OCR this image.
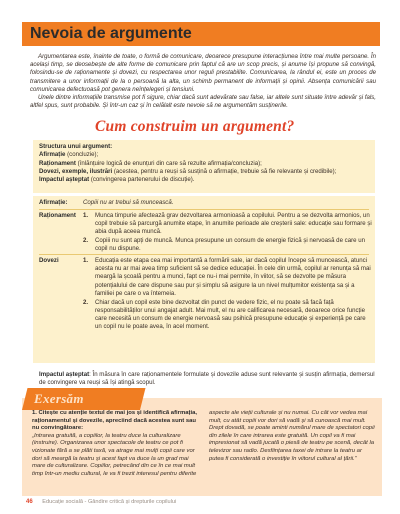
Nevoia de argumente

Argumentarea este, înainte de toate, o formă de comunicare, deoarece presupune interacțiunea între mai multe persoane. În același timp, se deosebește de alte forme de comunicare prin faptul că are un scop precis, și anume își propune să convingă, folosindu-se de raționamente și dovezi, cu respectarea unor reguli prestabilite. Comunicarea, la rândul ei, este un proces de transmitere a unor informații de la o persoană la alta, un schimb permanent de informații și opinii. Absența comunicării sau comunicarea defectuoasă pot genera neînțelegeri și tensiuni.

Unele dintre informațiile transmise pot fi sigure, chiar dacă sunt adevărate sau false, iar altele sunt situate între adevăr și fals, altfel spus, sunt probabile. Și într-un caz și în celălalt este nevoie să ne argumentăm susținerile.

Cum construim un argument?
Structura unui argument:
Afirmație (concluzie);
Raționament (înlănțuire logică de enunțuri din care să rezulte afirmația/concluzia);
Dovezi, exemple, ilustrări (acestea, pentru a reuși să susțină o afirmație, trebuie să fie relevante și credibile);
Impactul așteptat (convingerea partenerului de discuție).
Afirmație:	Copiii nu ar trebui să muncească.
Raționament	1. Munca timpurie afectează grav dezvoltarea armonioasă a copilului. Pentru a se dezvolta armonios, un copil trebuie să parcurgă anumite etape, în anumite perioade ale creșterii sale: educație sau formare și abia după aceea muncă.
2. Copiii nu sunt apți de muncă. Munca presupune un consum de energie fizică și nervoasă de care un copil nu dispune.
Dovezi	1. Educația este etapa cea mai importantă a formării sale, iar dacă copilul începe să muncească, atunci acesta nu ar mai avea timp suficient să se dedice educației. În cele din urmă, copilul ar renunța să mai meargă la școală pentru a munci, fapt ce nu-i mai permite, în viitor, să se dezvolte pe măsura potențialului de care dispune sau pur și simplu să asigure la un nivel mulțumitor existența sa și a familiei pe care o va întemeia.
2. Chiar dacă un copil este bine dezvoltat din punct de vedere fizic, el nu poate să facă față responsabilităților unui angajat adult. Mai mult, el nu are calificarea necesară, deoarece orice funcție care necesită un consum de energie nervoasă sau psihică presupune educație și experiență pe care un copil nu le poate avea, în acel moment.
Impactul așteptat: În măsura în care raționamentele formulate și dovezile aduse sunt relevante și susțin afirmația, demersul de convingere va reuși să își atingă scopul.
Exersăm
1. Citește cu atenție textul de mai jos și identifică afirmația, raționamentul și dovezile, apreciind dacă acestea sunt sau nu convingătoare:
„Intrarea gratuită, a copiilor, la teatru duce la culturalizare (instruire). Organizarea unor spectacole de teatru ce pot fi vizionate fără a se plăti taxă, va atrage mai mulți copii care vor dori să meargă la teatru și acest fapt va duce la un grad mai mare de culturalizare. Copiilor, petrecând din ce în ce mai mult timp într-un mediu cultural, le va fi trezit interesul pentru diferite
aspecte ale vieții culturale și nu numai. Cu cât vor vedea mai mult, cu atât copiii vor dori să vadă și să cunoască mai mult. Drept dovadă, se poate aminti numărul mare de spectatori copii din zilele în care intrarea este gratuită. Un copil va fi mai impresionat să vadă jucată o piesă de teatru pe scenă, decât la televizor sau radio. Desființarea taxei de intrare la teatru ar putea fi considerată o investiție în viitorul cultural al țării.”
46 Educație socială - Gândire critică și drepturile copilului
